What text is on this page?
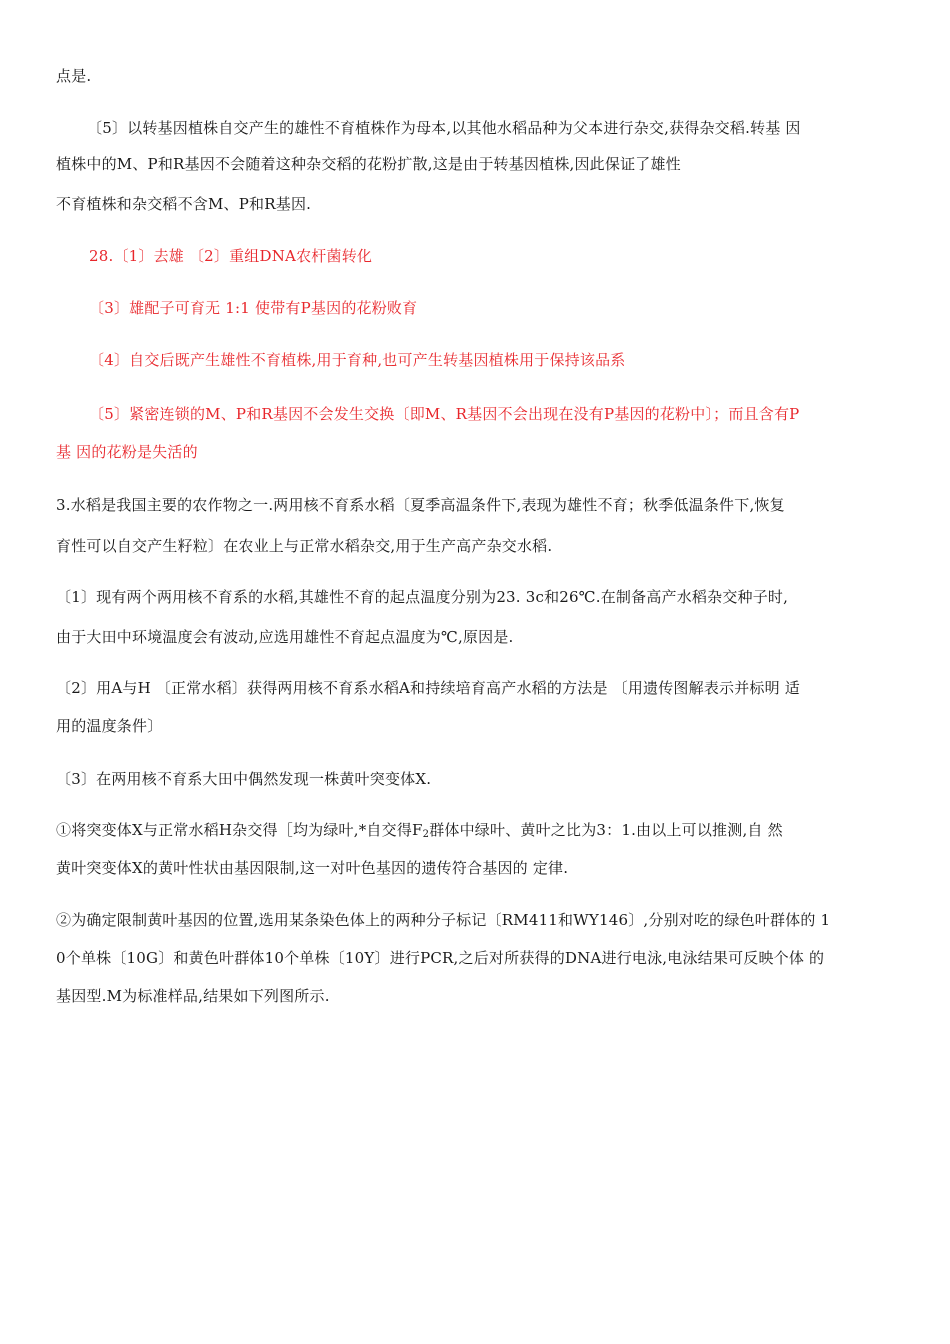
点是.
〔5〕以转基因植株自交产生的雄性不育植株作为母本,以其他水稻品种为父本进行杂交,获得杂交稻.转基 因
植株中的M、P和R基因不会随着这种杂交稻的花粉扩散,这是由于转基因植株,因此保证了雄性
不育植株和杂交稻不含M、P和R基因.
28.〔1〕去雄 〔2〕重组DNA农杆菌转化
〔3〕雄配子可育无 1:1 使带有P基因的花粉败育
〔4〕自交后既产生雄性不育植株,用于育种,也可产生转基因植株用于保持该品系
〔5〕紧密连锁的M、P和R基因不会发生交换〔即M、R基因不会出现在没有P基因的花粉中〕；而且含有P
基 因的花粉是失活的
3.水稻是我国主要的农作物之一.两用核不育系水稻〔夏季高温条件下,表现为雄性不育；秋季低温条件下,恢复
育性可以自交产生籽粒〕在农业上与正常水稻杂交,用于生产高产杂交水稻.
〔1〕现有两个两用核不育系的水稻,其雄性不育的起点温度分别为23. 3c和26℃.在制备高产水稻杂交种子时,
由于大田中环境温度会有波动,应选用雄性不育起点温度为℃,原因是.
〔2〕用A与H 〔正常水稻〕获得两用核不育系水稻A和持续培育高产水稻的方法是 〔用遗传图解表示并标明 适
用的温度条件〕
〔3〕在两用核不育系大田中偶然发现一株黄叶突变体X.
①将突变体X与正常水稻H杂交得［均为绿叶,*自交得$F_2$群体中绿叶、黄叶之比为3：1.由以上可以推测,自 然
黄叶突变体X的黄叶性状由基因限制,这一对叶色基因的遗传符合基因的 定律.
②为确定限制黄叶基因的位置,选用某条染色体上的两种分子标记〔RM411和WY146〕,分别对吃的绿色叶群体的 1
0个单株〔10G〕和黄色叶群体10个单株〔10Y〕进行PCR,之后对所获得的DNA进行电泳,电泳结果可反映个体 的
基因型.M为标准样品,结果如下列图所示.
